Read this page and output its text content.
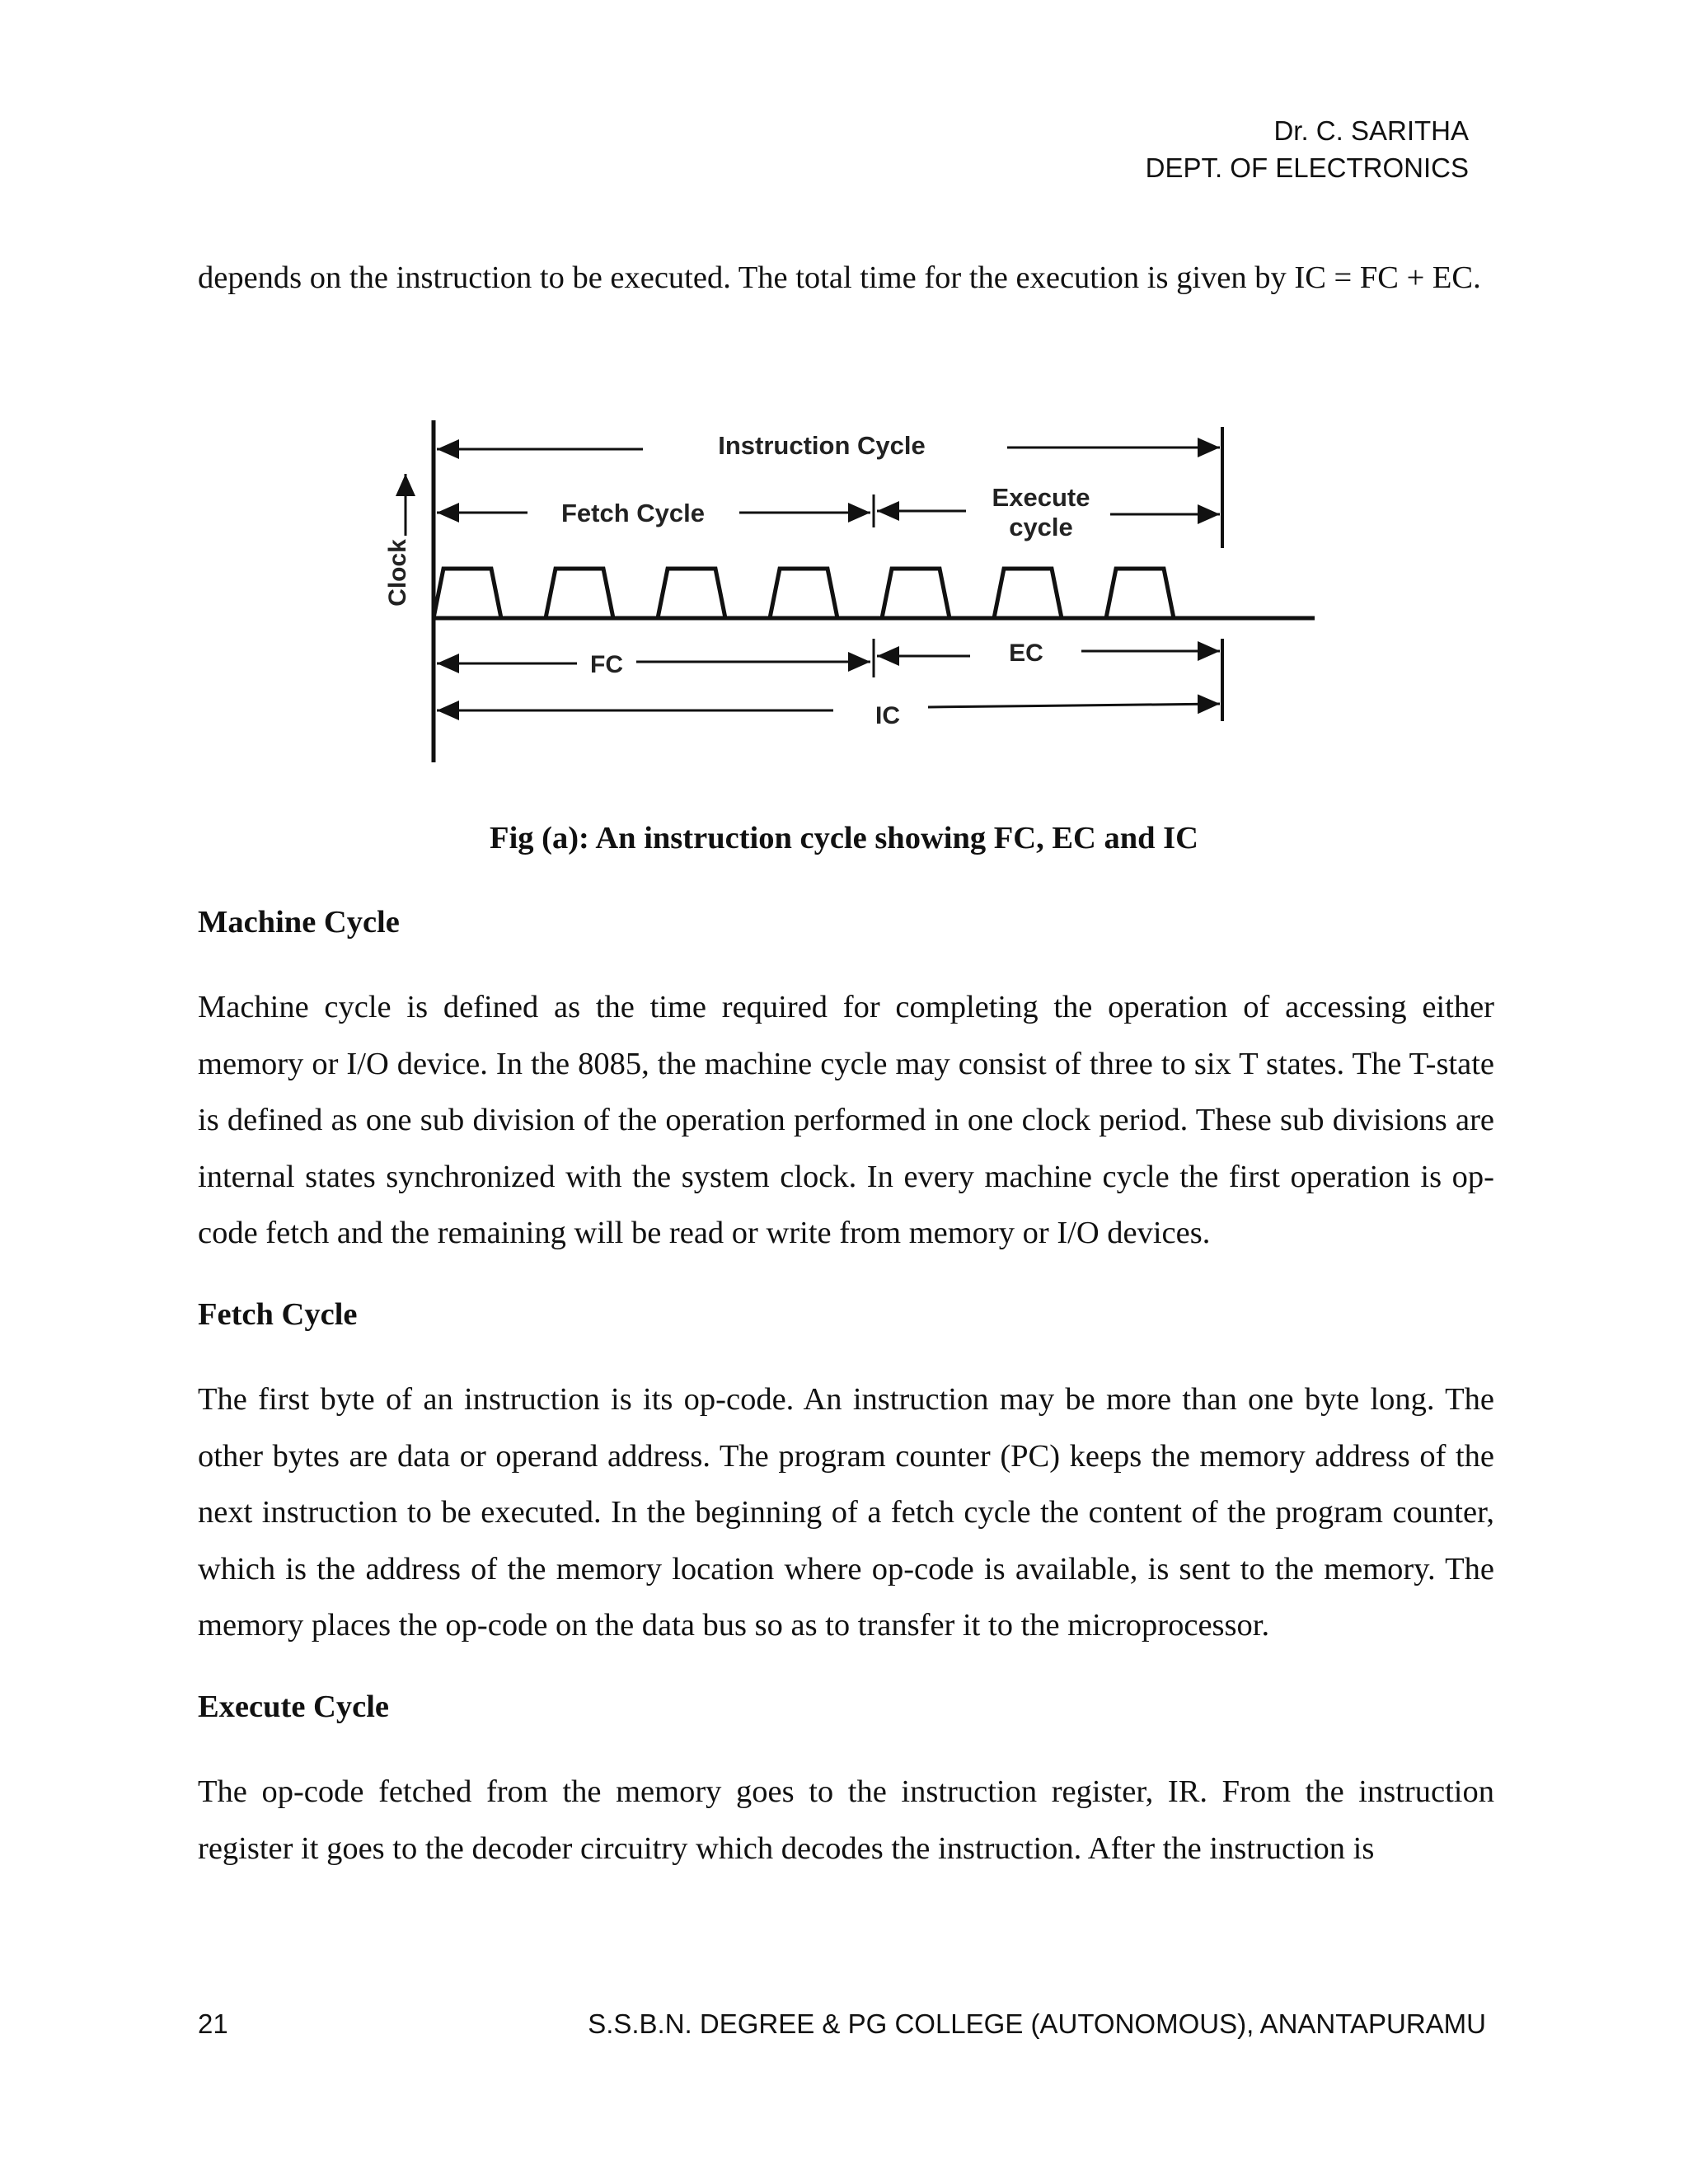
Dr. C. SARITHA
DEPT. OF ELECTRONICS

depends on the instruction to be executed. The total time for the execution is given by IC = FC + EC.

Instruction Cycle
Fetch Cycle
Execute
cycle
Clock
FC	EC
IC
Fig (a): An instruction cycle showing FC, EC and IC
Machine Cycle

Machine cycle is defined as the time required for completing the operation of accessing either memory or I/O device. In the 8085, the machine cycle may consist of three to six T states. The T-state is defined as one sub division of the operation performed in one clock period. These sub divisions are internal states synchronized with the system clock. In every machine cycle the first operation is op-code fetch and the remaining will be read or write from memory or I/O devices.

Fetch Cycle

The first byte of an instruction is its op-code. An instruction may be more than one byte long. The other bytes are data or operand address. The program counter (PC) keeps the memory address of the next instruction to be executed. In the beginning of a fetch cycle the content of the program counter, which is the address of the memory location where op-code is available, is sent to the memory. The memory places the op-code on the data bus so as to transfer it to the microprocessor.

Execute Cycle

The op-code fetched from the memory goes to the instruction register, IR. From the instruction register it goes to the decoder circuitry which decodes the instruction. After the instruction is

21	S.S.B.N. DEGREE & PG COLLEGE (AUTONOMOUS), ANANTAPURAMU
